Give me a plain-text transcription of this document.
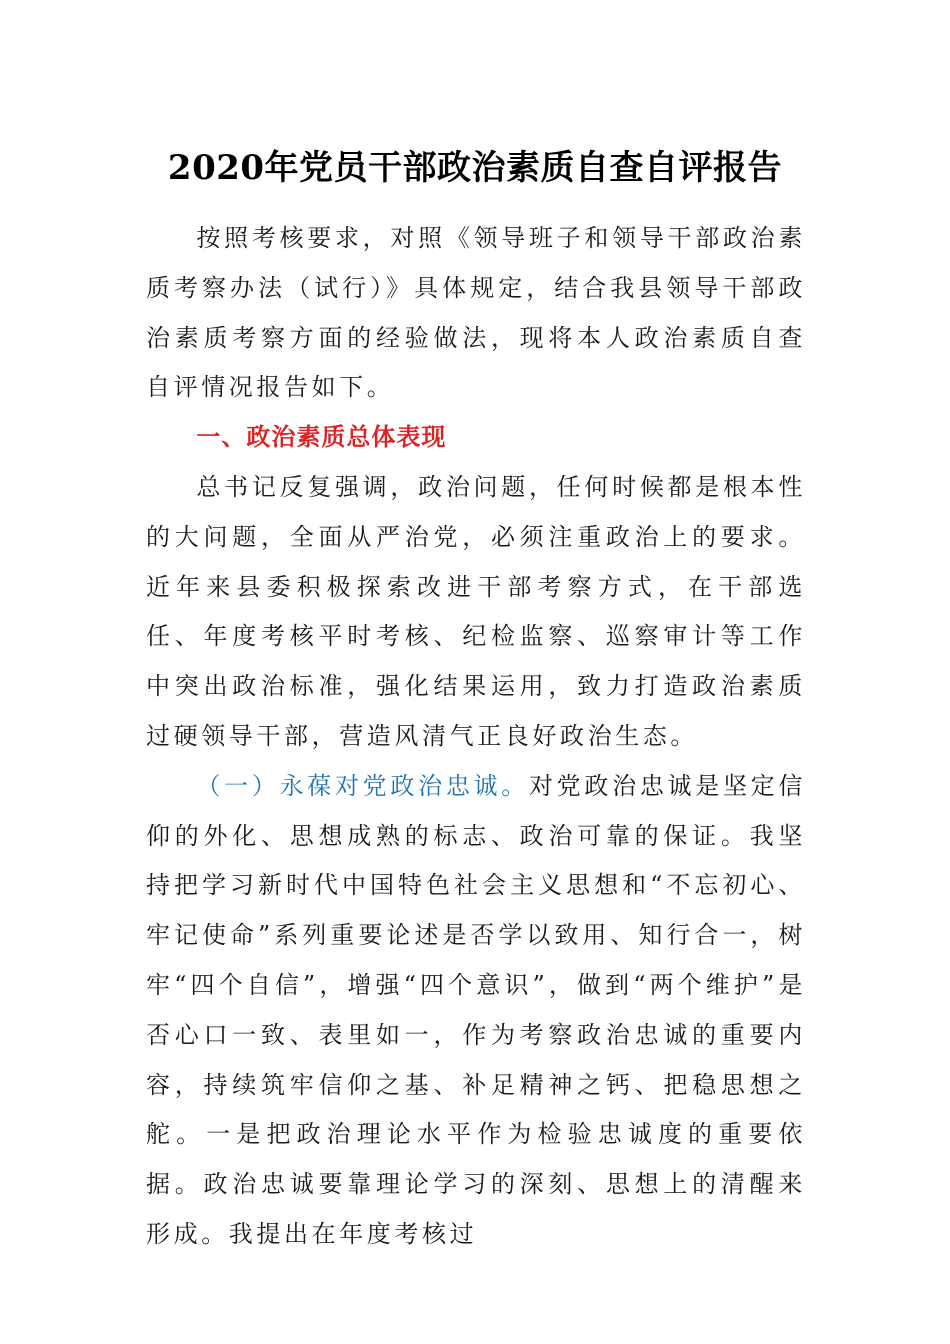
2020年党员干部政治素质自查自评报告

按照考核要求，对照《领导班子和领导干部政治素质考察办法（试行）》具体规定，结合我县领导干部政治素质考察方面的经验做法，现将本人政治素质自查自评情况报告如下。

一、政治素质总体表现

总书记反复强调，政治问题，任何时候都是根本性的大问题，全面从严治党，必须注重政治上的要求。近年来县委积极探索改进干部考察方式，在干部选任、年度考核平时考核、纪检监察、巡察审计等工作中突出政治标准，强化结果运用，致力打造政治素质过硬领导干部，营造风清气正良好政治生态。

（一）永葆对党政治忠诚。对党政治忠诚是坚定信仰的外化、思想成熟的标志、政治可靠的保证。我坚持把学习新时代中国特色社会主义思想和“不忘初心、牢记使命”系列重要论述是否学以致用、知行合一，树牢“四个自信”，增强“四个意识”，做到“两个维护”是否心口一致、表里如一，作为考察政治忠诚的重要内容，持续筑牢信仰之基、补足精神之钙、把稳思想之舵。一是把政治理论水平作为检验忠诚度的重要依据。政治忠诚要靠理论学习的深刻、思想上的清醒来形成。我提出在年度考核过
